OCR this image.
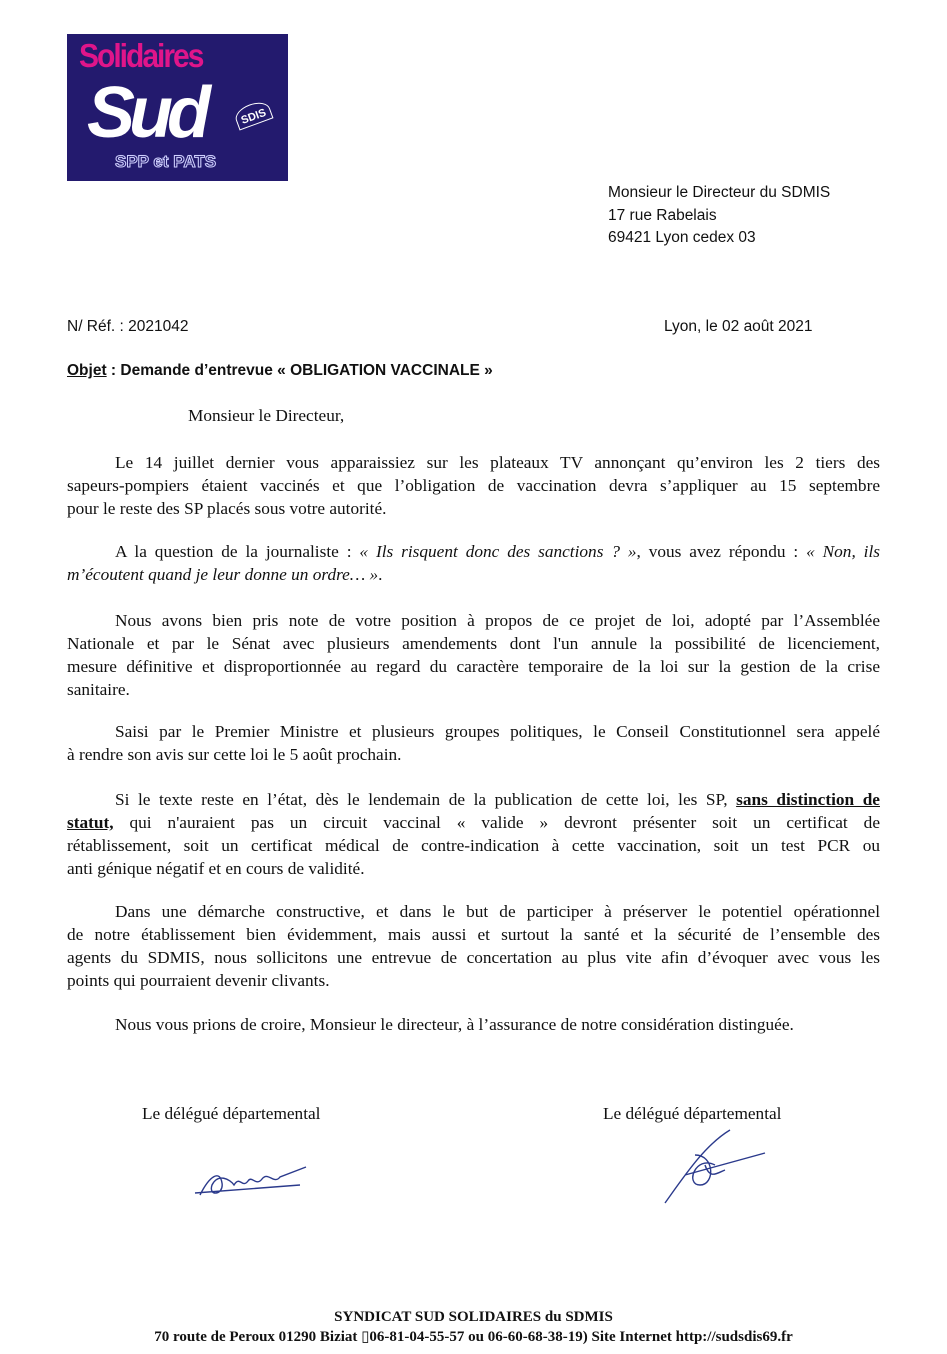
Solidaires
Sud	SDIS
SPP et PATS
Monsieur le Directeur du SDMIS
17 rue Rabelais
69421 Lyon cedex 03
N/ Réf. : 2021042	Lyon, le 02 août 2021
Objet : Demande d’entrevue « OBLIGATION VACCINALE »
Monsieur le Directeur,
Le 14 juillet dernier vous apparaissiez sur les plateaux TV annonçant qu’environ les 2 tiers des
sapeurs-pompiers étaient vaccinés et que l’obligation de vaccination devra s’appliquer au 15 septembre
pour le reste des SP placés sous votre autorité.
A la question de la journaliste : « Ils risquent donc des sanctions ? », vous avez répondu : « Non, ils
m’écoutent quand je leur donne un ordre… ».
Nous avons bien pris note de votre position à propos de ce projet de loi, adopté par l’Assemblée
Nationale et par le Sénat avec plusieurs amendements dont l'un annule la possibilité de licenciement,
mesure définitive et disproportionnée au regard du caractère temporaire de la loi sur la gestion de la crise
sanitaire.
Saisi par le Premier Ministre et plusieurs groupes politiques, le Conseil Constitutionnel sera appelé
à rendre son avis sur cette loi le 5 août prochain.
Si le texte reste en l’état, dès le lendemain de la publication de cette loi, les SP, sans distinction de
statut, qui n'auraient pas un circuit vaccinal « valide » devront présenter soit un certificat de
rétablissement, soit un certificat médical de contre-indication à cette vaccination, soit un test PCR ou
anti génique négatif et en cours de validité.
Dans une démarche constructive, et dans le but de participer à préserver le potentiel opérationnel
de notre établissement bien évidemment, mais aussi et surtout la santé et la sécurité de l’ensemble des
agents du SDMIS, nous sollicitons une entrevue de concertation au plus vite afin d’évoquer avec vous les
points qui pourraient devenir clivants.
Nous vous prions de croire, Monsieur le directeur, à l’assurance de notre considération distinguée.
Le délégué départemental	Le délégué départemental
SYNDICAT SUD SOLIDAIRES du SDMIS
70 route de Peroux 01290 Biziat ▯06-81-04-55-57 ou 06-60-68-38-19) Site Internet http://sudsdis69.fr
